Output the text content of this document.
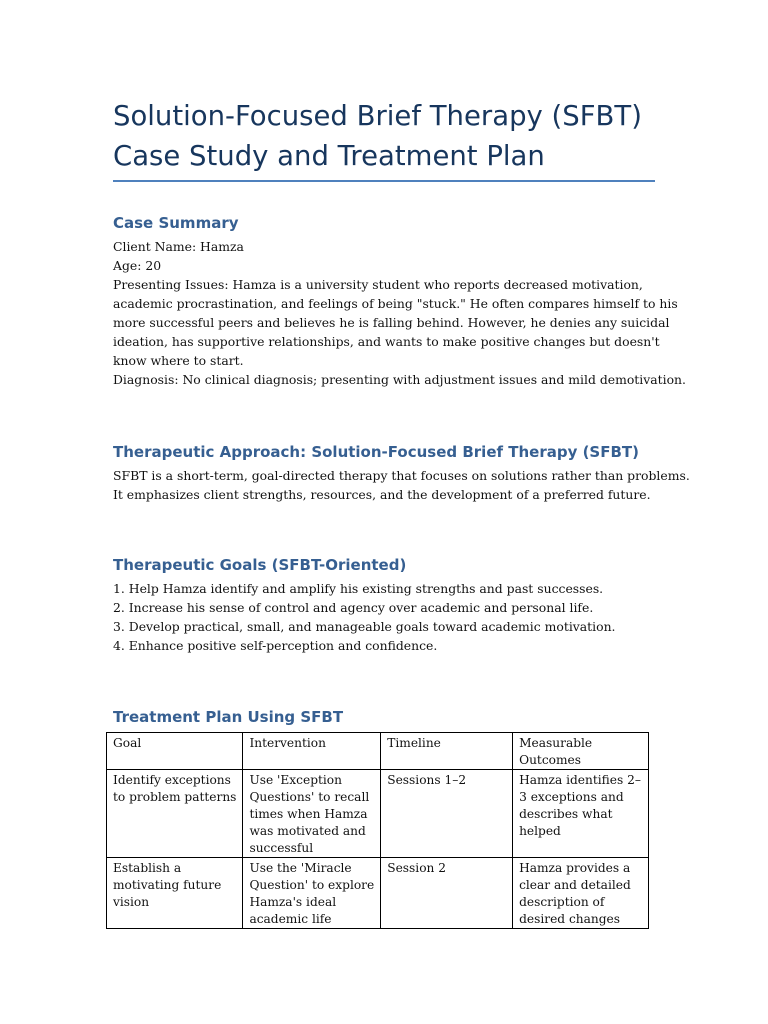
Solution-Focused Brief Therapy (SFBT)
Case Study and Treatment Plan
Case Summary

Client Name: Hamza
Age: 20
Presenting Issues: Hamza is a university student who reports decreased motivation,
academic procrastination, and feelings of being "stuck." He often compares himself to his
more successful peers and believes he is falling behind. However, he denies any suicidal
ideation, has supportive relationships, and wants to make positive changes but doesn't
know where to start.
Diagnosis: No clinical diagnosis; presenting with adjustment issues and mild demotivation.

Therapeutic Approach: Solution-Focused Brief Therapy (SFBT)

SFBT is a short-term, goal-directed therapy that focuses on solutions rather than problems.
It emphasizes client strengths, resources, and the development of a preferred future.

Therapeutic Goals (SFBT-Oriented)

1. Help Hamza identify and amplify his existing strengths and past successes.
2. Increase his sense of control and agency over academic and personal life.
3. Develop practical, small, and manageable goals toward academic motivation.
4. Enhance positive self-perception and confidence.

Treatment Plan Using SFBT
Goal	Intervention	Timeline	Measurable
Outcomes

Identify exceptions
to problem patterns	Use 'Exception
Questions' to recall
times when Hamza
was motivated and
successful	Sessions 1–2	Hamza identifies 2–
3 exceptions and
describes what
helped

Establish a
motivating future
vision	Use the 'Miracle
Question' to explore
Hamza's ideal
academic life	Session 2	Hamza provides a
clear and detailed
description of
desired changes
